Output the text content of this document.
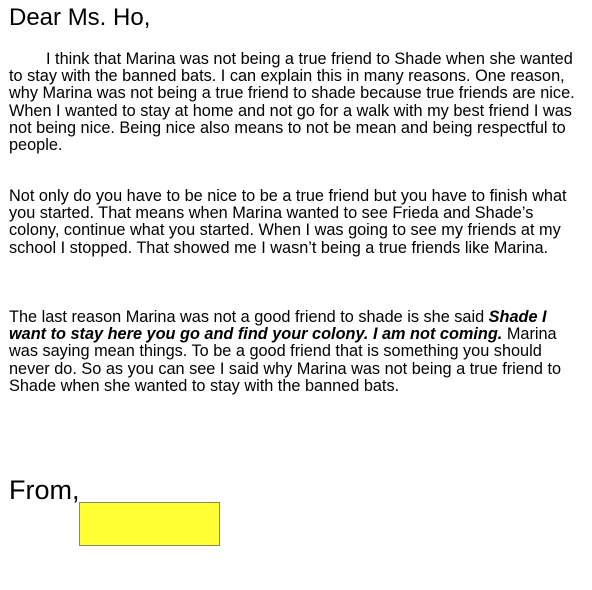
Dear Ms. Ho,

I think that Marina was not being a true friend to Shade when she wanted to stay with the banned bats. I can explain this in many reasons. One reason, why Marina was not being a true friend to shade because true friends are nice. When I wanted to stay at home and not go for a walk with my best friend I was not being nice. Being nice also means to not be mean and being respectful to people.

Not only do you have to be nice to be a true friend but you have to finish what you started. That means when Marina wanted to see Frieda and Shade’s colony, continue what you started. When I was going to see my friends at my school I stopped. That showed me I wasn’t being a true friends like Marina.

The last reason Marina was not a good friend to shade is she said Shade I want to stay here you go and find your colony. I am not coming. Marina was saying mean things. To be a good friend that is something you should never do. So as you can see I said why Marina was not being a true friend to Shade when she wanted to stay with the banned bats.

From,
